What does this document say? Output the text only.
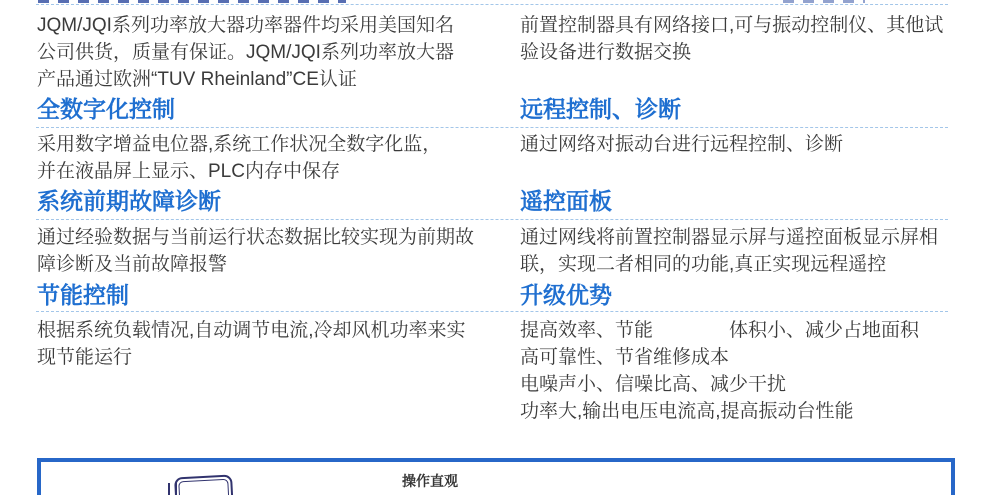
JQM/JQI系列功率放大器功率器件均采用美国知名
公司供货，质量有保证。JQM/JQI系列功率放大器
产品通过欧洲“TUV Rheinland”CE认证
前置控制器具有网络接口,可与振动控制仪、其他试
验设备进行数据交换
全数字化控制	远程控制、诊断
采用数字增益电位器,系统工作状况全数字化监，
并在液晶屏上显示、PLC内存中保存
通过网络对振动台进行远程控制、诊断
系统前期故障诊断	遥控面板
通过经验数据与当前运行状态数据比较实现为前期故
障诊断及当前故障报警
通过网线将前置控制器显示屏与遥控面板显示屏相
联，实现二者相同的功能,真正实现远程遥控
节能控制	升级优势
根据系统负载情况,自动调节电流,冷却风机功率来实
现节能运行
提高效率、节能　　　　体积小、减少占地面积
高可靠性、节省维修成本
电噪声小、信噪比高、减少干扰
功率大,输出电压电流高,提高振动台性能
操作直观
